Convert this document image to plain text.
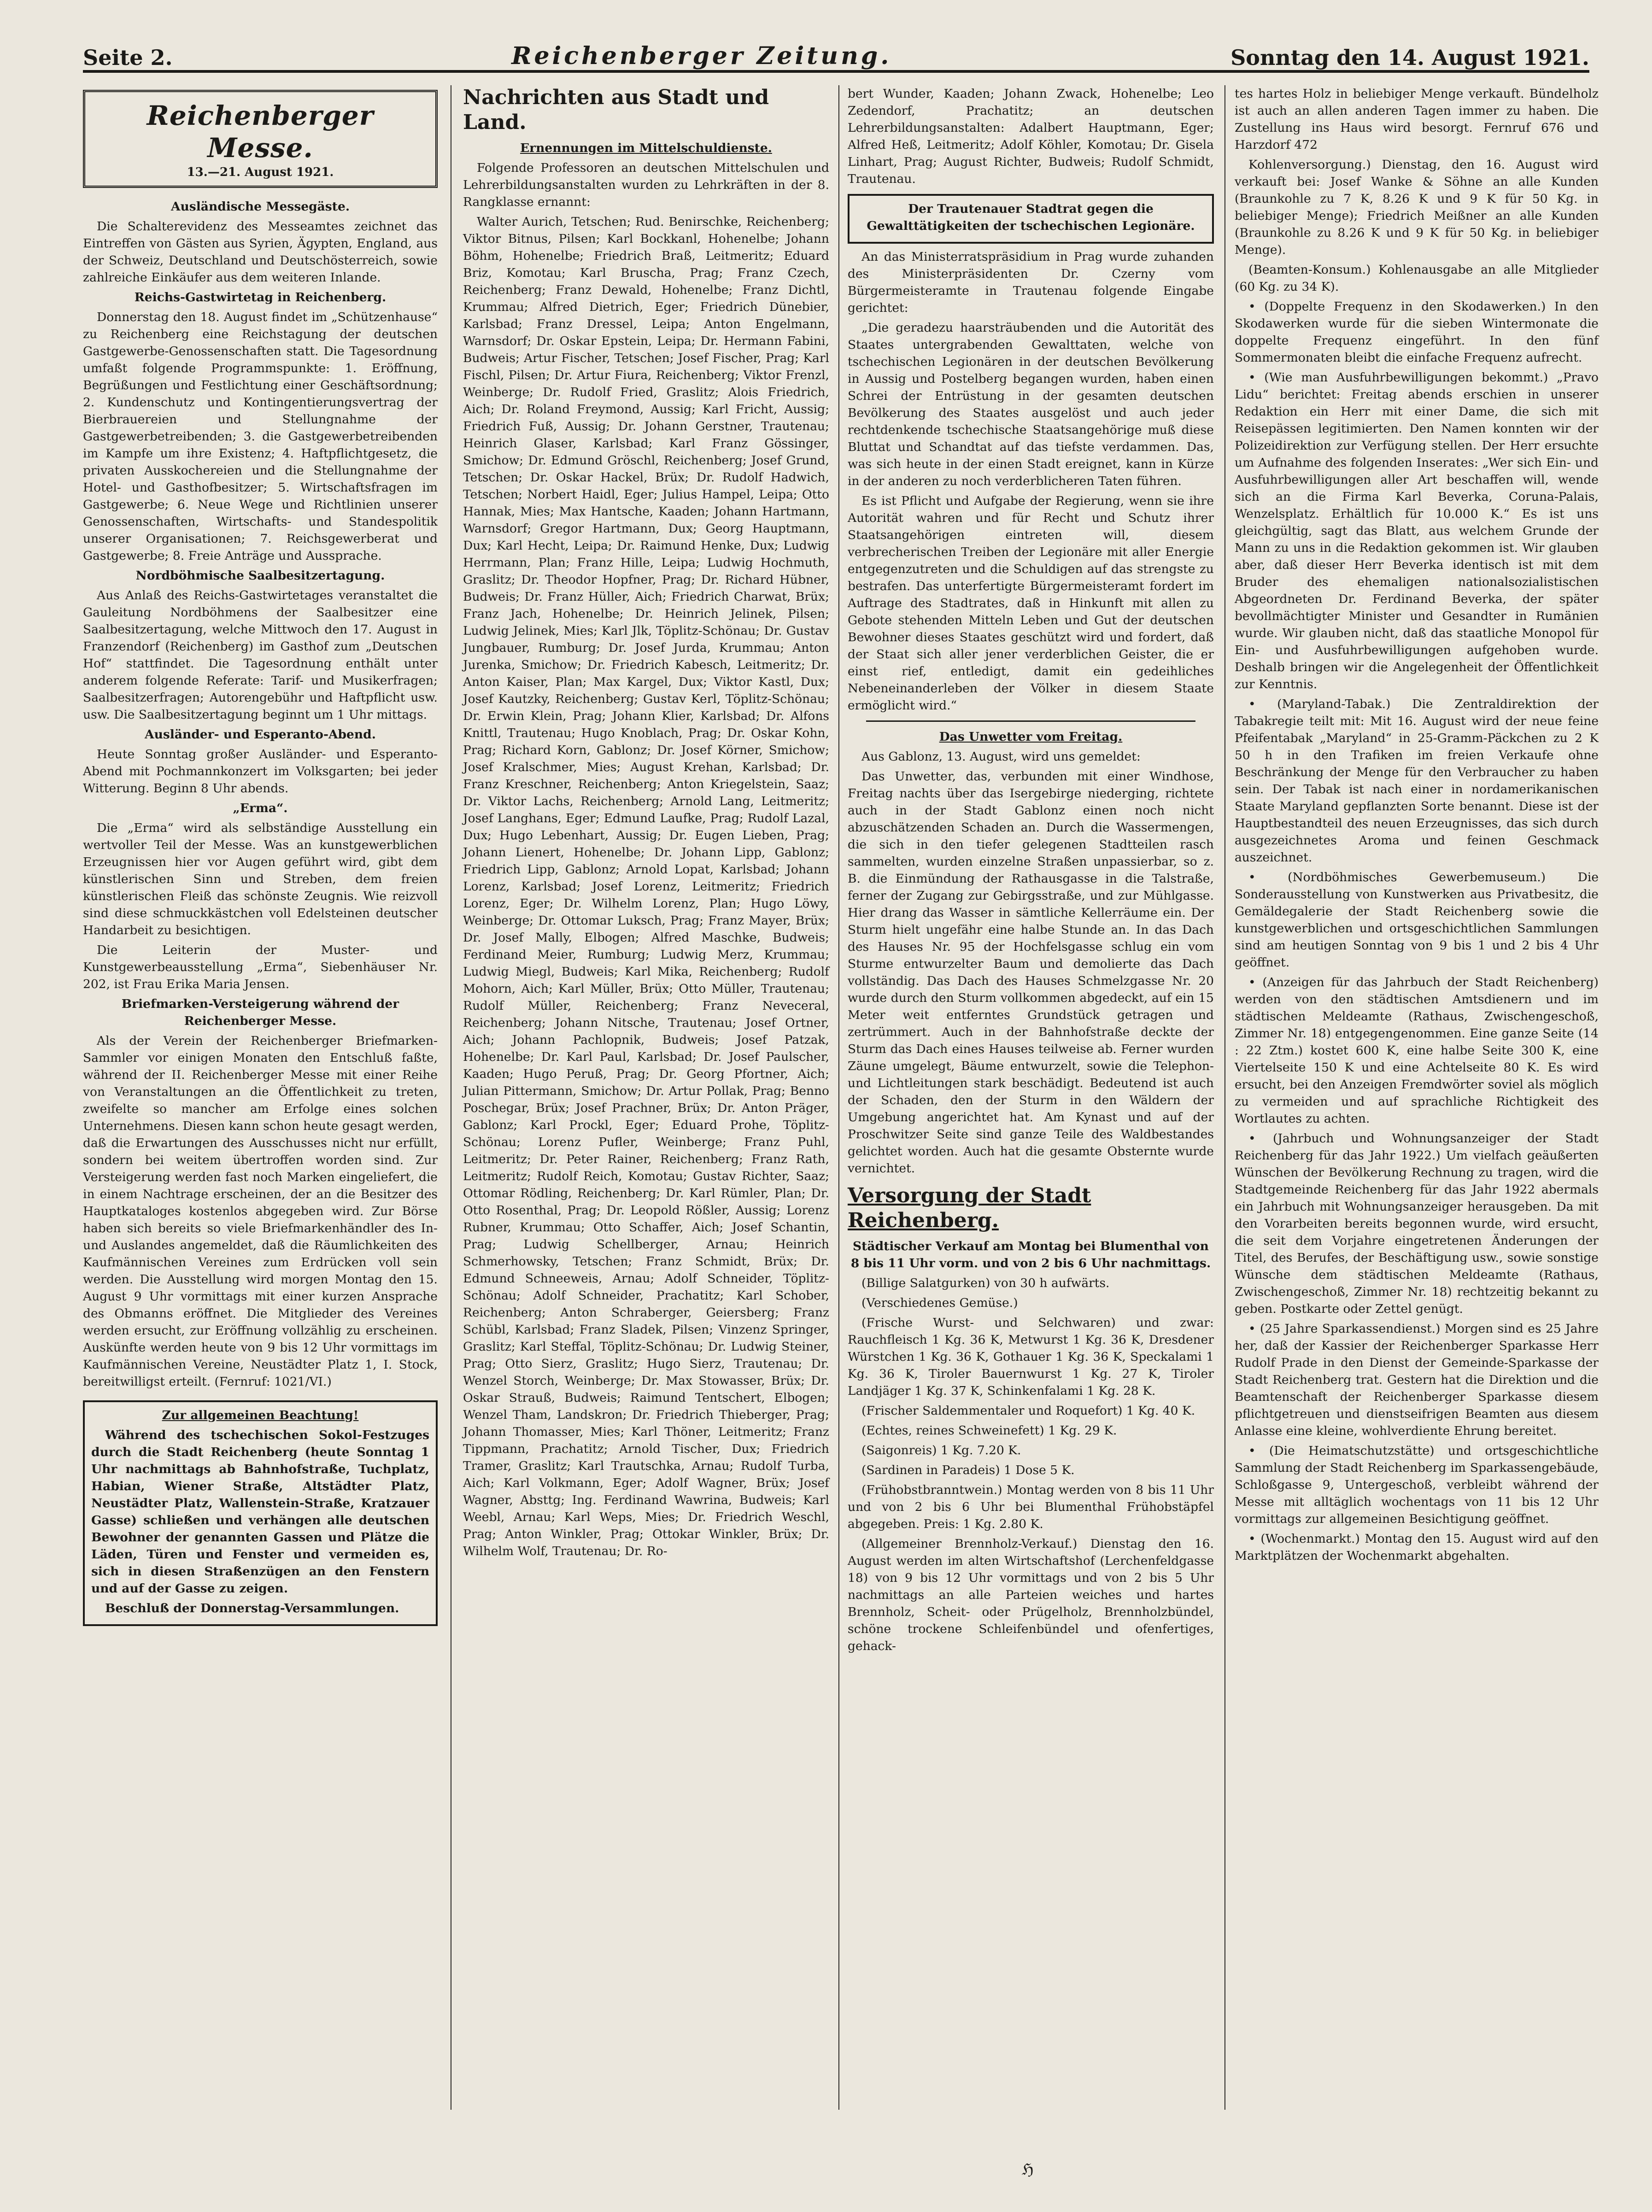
Seite 2.	Reichenberger Zeitung.	Sonntag den 14. August 1921.
Reichenberger Messe.
13.—21. August 1921.

Ausländische Messegäste.

Die Schalterevidenz des Messeamtes zeichnet das Eintreffen von Gästen aus Syrien, Ägypten, England, aus der Schweiz, Deutschland und Deutschösterreich, sowie zahlreiche Einkäufer aus dem weiteren Inlande.

Reichs-Gastwirtetag in Reichenberg.

Donnerstag den 18. August findet im „Schützenhause“ zu Reichenberg eine Reichstagung der deutschen Gastgewerbe-Genossenschaften statt. Die Tagesordnung umfaßt folgende Programmspunkte: 1. Eröffnung, Begrüßungen und Festlichtung einer Geschäftsordnung; 2. Kundenschutz und Kontingentierungsvertrag der Bierbrauereien und Stellungnahme der Gastgewerbetreibenden; 3. die Gastgewerbetreibenden im Kampfe um ihre Existenz; 4. Haftpflichtgesetz, die privaten Ausskochereien und die Stellungnahme der Hotel- und Gasthofbesitzer; 5. Wirtschaftsfragen im Gastgewerbe; 6. Neue Wege und Richtlinien unserer Genossenschaften, Wirtschafts- und Standespolitik unserer Organisationen; 7. Reichsgewerberat und Gastgewerbe; 8. Freie Anträge und Aussprache.

Nordböhmische Saalbesitzertagung.

Aus Anlaß des Reichs-Gastwirtetages veranstaltet die Gauleitung Nordböhmens der Saalbesitzer eine Saalbesitzertagung, welche Mittwoch den 17. August in Franzendorf (Reichenberg) im Gasthof zum „Deutschen Hof“ stattfindet. Die Tagesordnung enthält unter anderem folgende Referate: Tarif- und Musikerfragen; Saalbesitzerfragen; Autorengebühr und Haftpflicht usw. usw. Die Saalbesitzertagung beginnt um 1 Uhr mittags.

Ausländer- und Esperanto-Abend.

Heute Sonntag großer Ausländer- und Esperanto-Abend mit Pochmannkonzert im Volksgarten; bei jeder Witterung. Beginn 8 Uhr abends.

„Erma“.

Die „Erma“ wird als selbständige Ausstellung ein wertvoller Teil der Messe. Was an kunstgewerblichen Erzeugnissen hier vor Augen geführt wird, gibt dem künstlerischen Sinn und Streben, dem freien künstlerischen Fleiß das schönste Zeugnis. Wie reizvoll sind diese schmuckkästchen voll Edelsteinen deutscher Handarbeit zu besichtigen.

Die Leiterin der Muster- und Kunstgewerbeausstellung „Erma“, Siebenhäuser Nr. 202, ist Frau Erika Maria Jensen.

Briefmarken-Versteigerung während der Reichenberger Messe.

Als der Verein der Reichenberger Briefmarken-Sammler vor einigen Monaten den Entschluß faßte, während der II. Reichenberger Messe mit einer Reihe von Veranstaltungen an die Öffentlichkeit zu treten, zweifelte so mancher am Erfolge eines solchen Unternehmens. Diesen kann schon heute gesagt werden, daß die Erwartungen des Ausschusses nicht nur erfüllt, sondern bei weitem übertroffen worden sind. Zur Versteigerung werden fast noch Marken eingeliefert, die in einem Nachtrage erscheinen, der an die Besitzer des Hauptkataloges kostenlos abgegeben wird. Zur Börse haben sich bereits so viele Briefmarkenhändler des In- und Auslandes angemeldet, daß die Räumlichkeiten des Kaufmännischen Vereines zum Erdrücken voll sein werden. Die Ausstellung wird morgen Montag den 15. August 9 Uhr vormittags mit einer kurzen Ansprache des Obmanns eröffnet. Die Mitglieder des Vereines werden ersucht, zur Eröffnung vollzählig zu erscheinen. Auskünfte werden heute von 9 bis 12 Uhr vormittags im Kaufmännischen Vereine, Neustädter Platz 1, I. Stock, bereitwilligst erteilt. (Fernruf: 1021/VI.)

Zur allgemeinen Beachtung!

Während des tschechischen Sokol-Festzuges durch die Stadt Reichenberg (heute Sonntag 1 Uhr nachmittags ab Bahnhofstraße, Tuchplatz, Habian, Wiener Straße, Altstädter Platz, Neustädter Platz, Wallenstein-Straße, Kratzauer Gasse) schließen und verhängen alle deutschen Bewohner der genannten Gassen und Plätze die Läden, Türen und Fenster und vermeiden es, sich in diesen Straßenzügen an den Fenstern und auf der Gasse zu zeigen.

Beschluß der Donnerstag-Versammlungen.

Nachrichten aus Stadt und Land.

Ernennungen im Mittelschuldienste.

Folgende Professoren an deutschen Mittelschulen und Lehrerbildungsanstalten wurden zu Lehrkräften in der 8. Rangklasse ernannt:

Walter Aurich, Tetschen; Rud. Benirschke, Reichenberg; Viktor Bitnus, Pilsen; Karl Bockkanl, Hohenelbe; Johann Böhm, Hohenelbe; Friedrich Braß, Leitmeritz; Eduard Briz, Komotau; Karl Bruscha, Prag; Franz Czech, Reichenberg; Franz Dewald, Hohenelbe; Franz Dichtl, Krummau; Alfred Dietrich, Eger; Friedrich Dünebier, Karlsbad; Franz Dressel, Leipa; Anton Engelmann, Warnsdorf; Dr. Oskar Epstein, Leipa; Dr. Hermann Fabini, Budweis; Artur Fischer, Tetschen; Josef Fischer, Prag; Karl Fischl, Pilsen; Dr. Artur Fiura, Reichenberg; Viktor Frenzl, Weinberge; Dr. Rudolf Fried, Graslitz; Alois Friedrich, Aich; Dr. Roland Freymond, Aussig; Karl Fricht, Aussig; Friedrich Fuß, Aussig; Dr. Johann Gerstner, Trautenau; Heinrich Glaser, Karlsbad; Karl Franz Gössinger, Smichow; Dr. Edmund Gröschl, Reichenberg; Josef Grund, Tetschen; Dr. Oskar Hackel, Brüx; Dr. Rudolf Hadwich, Tetschen; Norbert Haidl, Eger; Julius Hampel, Leipa; Otto Hannak, Mies; Max Hantsche, Kaaden; Johann Hartmann, Warnsdorf; Gregor Hartmann, Dux; Georg Hauptmann, Dux; Karl Hecht, Leipa; Dr. Raimund Henke, Dux; Ludwig Herrmann, Plan; Franz Hille, Leipa; Ludwig Hochmuth, Graslitz; Dr. Theodor Hopfner, Prag; Dr. Richard Hübner, Budweis; Dr. Franz Hüller, Aich; Friedrich Charwat, Brüx; Franz Jach, Hohenelbe; Dr. Heinrich Jelinek, Pilsen; Ludwig Jelinek, Mies; Karl Jlk, Töplitz-Schönau; Dr. Gustav Jungbauer, Rumburg; Dr. Josef Jurda, Krummau; Anton Jurenka, Smichow; Dr. Friedrich Kabesch, Leitmeritz; Dr. Anton Kaiser, Plan; Max Kargel, Dux; Viktor Kastl, Dux; Josef Kautzky, Reichenberg; Gustav Kerl, Töplitz-Schönau; Dr. Erwin Klein, Prag; Johann Klier, Karlsbad; Dr. Alfons Knittl, Trautenau; Hugo Knoblach, Prag; Dr. Oskar Kohn, Prag; Richard Korn, Gablonz; Dr. Josef Körner, Smichow; Josef Kralschmer, Mies; August Krehan, Karlsbad; Dr. Franz Kreschner, Reichenberg; Anton Kriegelstein, Saaz; Dr. Viktor Lachs, Reichenberg; Arnold Lang, Leitmeritz; Josef Langhans, Eger; Edmund Laufke, Prag; Rudolf Lazal, Dux; Hugo Lebenhart, Aussig; Dr. Eugen Lieben, Prag; Johann Lienert, Hohenelbe; Dr. Johann Lipp, Gablonz; Friedrich Lipp, Gablonz; Arnold Lopat, Karlsbad; Johann Lorenz, Karlsbad; Josef Lorenz, Leitmeritz; Friedrich Lorenz, Eger; Dr. Wilhelm Lorenz, Plan; Hugo Löwy, Weinberge; Dr. Ottomar Luksch, Prag; Franz Mayer, Brüx; Dr. Josef Mally, Elbogen; Alfred Maschke, Budweis; Ferdinand Meier, Rumburg; Ludwig Merz, Krummau; Ludwig Miegl, Budweis; Karl Mika, Reichenberg; Rudolf Mohorn, Aich; Karl Müller, Brüx; Otto Müller, Trautenau; Rudolf Müller, Reichenberg; Franz Neveceral, Reichenberg; Johann Nitsche, Trautenau; Josef Ortner, Aich; Johann Pachlopnik, Budweis; Josef Patzak, Hohenelbe; Dr. Karl Paul, Karlsbad; Dr. Josef Paulscher, Kaaden; Hugo Peruß, Prag; Dr. Georg Pfortner, Aich; Julian Pittermann, Smichow; Dr. Artur Pollak, Prag; Benno Poschegar, Brüx; Josef Prachner, Brüx; Dr. Anton Präger, Gablonz; Karl Prockl, Eger; Eduard Prohe, Töplitz-Schönau; Lorenz Pufler, Weinberge; Franz Puhl, Leitmeritz; Dr. Peter Rainer, Reichenberg; Franz Rath, Leitmeritz; Rudolf Reich, Komotau; Gustav Richter, Saaz; Ottomar Rödling, Reichenberg; Dr. Karl Rümler, Plan; Dr. Otto Rosenthal, Prag; Dr. Leopold Rößler, Aussig; Lorenz Rubner, Krummau; Otto Schaffer, Aich; Josef Schantin, Prag; Ludwig Schellberger, Arnau; Heinrich Schmerhowsky, Tetschen; Franz Schmidt, Brüx; Dr. Edmund Schneeweis, Arnau; Adolf Schneider, Töplitz-Schönau; Adolf Schneider, Prachatitz; Karl Schober, Reichenberg; Anton Schraberger, Geiersberg; Franz Schübl, Karlsbad; Franz Sladek, Pilsen; Vinzenz Springer, Graslitz; Karl Steffal, Töplitz-Schönau; Dr. Ludwig Steiner, Prag; Otto Sierz, Graslitz; Hugo Sierz, Trautenau; Dr. Wenzel Storch, Weinberge; Dr. Max Stowasser, Brüx; Dr. Oskar Strauß, Budweis; Raimund Tentschert, Elbogen; Wenzel Tham, Landskron; Dr. Friedrich Thieberger, Prag; Johann Thomasser, Mies; Karl Thöner, Leitmeritz; Franz Tippmann, Prachatitz; Arnold Tischer, Dux; Friedrich Tramer, Graslitz; Karl Trautschka, Arnau; Rudolf Turba, Aich; Karl Volkmann, Eger; Adolf Wagner, Brüx; Josef Wagner, Absttg; Ing. Ferdinand Wawrina, Budweis; Karl Weebl, Arnau; Karl Weps, Mies; Dr. Friedrich Weschl, Prag; Anton Winkler, Prag; Ottokar Winkler, Brüx; Dr. Wilhelm Wolf, Trautenau; Dr. Ro-

bert Wunder, Kaaden; Johann Zwack, Hohenelbe; Leo Zedendorf, Prachatitz; an deutschen Lehrerbildungsanstalten: Adalbert Hauptmann, Eger; Alfred Heß, Leitmeritz; Adolf Köhler, Komotau; Dr. Gisela Linhart, Prag; August Richter, Budweis; Rudolf Schmidt, Trautenau.

Der Trautenauer Stadtrat gegen die Gewalttätigkeiten der tschechischen Legionäre.

An das Ministerratspräsidium in Prag wurde zuhanden des Ministerpräsidenten Dr. Czerny vom Bürgermeisteramte in Trautenau folgende Eingabe gerichtet:

„Die geradezu haarsträubenden und die Autorität des Staates untergrabenden Gewalttaten, welche von tschechischen Legionären in der deutschen Bevölkerung in Aussig und Postelberg begangen wurden, haben einen Schrei der Entrüstung in der gesamten deutschen Bevölkerung des Staates ausgelöst und auch jeder rechtdenkende tschechische Staatsangehörige muß diese Bluttat und Schandtat auf das tiefste verdammen. Das, was sich heute in der einen Stadt ereignet, kann in Kürze in der anderen zu noch verderblicheren Taten führen.

Es ist Pflicht und Aufgabe der Regierung, wenn sie ihre Autorität wahren und für Recht und Schutz ihrer Staatsangehörigen eintreten will, diesem verbrecherischen Treiben der Legionäre mit aller Energie entgegenzutreten und die Schuldigen auf das strengste zu bestrafen. Das unterfertigte Bürgermeisteramt fordert im Auftrage des Stadtrates, daß in Hinkunft mit allen zu Gebote stehenden Mitteln Leben und Gut der deutschen Bewohner dieses Staates geschützt wird und fordert, daß der Staat sich aller jener verderblichen Geister, die er einst rief, entledigt, damit ein gedeihliches Nebeneinanderleben der Völker in diesem Staate ermöglicht wird.“

Das Unwetter vom Freitag.

Aus Gablonz, 13. August, wird uns gemeldet:

Das Unwetter, das, verbunden mit einer Windhose, Freitag nachts über das Isergebirge niederging, richtete auch in der Stadt Gablonz einen noch nicht abzuschätzenden Schaden an. Durch die Wassermengen, die sich in den tiefer gelegenen Stadtteilen rasch sammelten, wurden einzelne Straßen unpassierbar, so z. B. die Einmündung der Rathausgasse in die Talstraße, ferner der Zugang zur Gebirgsstraße, und zur Mühlgasse. Hier drang das Wasser in sämtliche Kellerräume ein. Der Sturm hielt ungefähr eine halbe Stunde an. In das Dach des Hauses Nr. 95 der Hochfelsgasse schlug ein vom Sturme entwurzelter Baum und demolierte das Dach vollständig. Das Dach des Hauses Schmelzgasse Nr. 20 wurde durch den Sturm vollkommen abgedeckt, auf ein 15 Meter weit entferntes Grundstück getragen und zertrümmert. Auch in der Bahnhofstraße deckte der Sturm das Dach eines Hauses teilweise ab. Ferner wurden Zäune umgelegt, Bäume entwurzelt, sowie die Telephon- und Lichtleitungen stark beschädigt. Bedeutend ist auch der Schaden, den der Sturm in den Wäldern der Umgebung angerichtet hat. Am Kynast und auf der Proschwitzer Seite sind ganze Teile des Waldbestandes gelichtet worden. Auch hat die gesamte Obsternte wurde vernichtet.

Versorgung der Stadt Reichenberg.

Städtischer Verkauf am Montag bei Blumenthal von 8 bis 11 Uhr vorm. und von 2 bis 6 Uhr nachmittags.

(Billige Salatgurken) von 30 h aufwärts.

(Verschiedenes Gemüse.)

(Frische Wurst- und Selchwaren) und zwar: Rauchfleisch 1 Kg. 36 K, Metwurst 1 Kg. 36 K, Dresdener Würstchen 1 Kg. 36 K, Gothauer 1 Kg. 36 K, Speckalami 1 Kg. 36 K, Tiroler Bauernwurst 1 Kg. 27 K, Tiroler Landjäger 1 Kg. 37 K, Schinkenfalami 1 Kg. 28 K.

(Frischer Saldemmentaler und Roquefort) 1 Kg. 40 K.

(Echtes, reines Schweinefett) 1 Kg. 29 K.

(Saigonreis) 1 Kg. 7.20 K.

(Sardinen in Paradeis) 1 Dose 5 K.

(Frühobstbranntwein.) Montag werden von 8 bis 11 Uhr und von 2 bis 6 Uhr bei Blumenthal Frühobstäpfel abgegeben. Preis: 1 Kg. 2.80 K.

(Allgemeiner Brennholz-Verkauf.) Dienstag den 16. August werden im alten Wirtschaftshof (Lerchenfeldgasse 18) von 9 bis 12 Uhr vormittags und von 2 bis 5 Uhr nachmittags an alle Parteien weiches und hartes Brennholz, Scheit- oder Prügelholz, Brennholzbündel, schöne trockene Schleifenbündel und ofenfertiges, gehack-

tes hartes Holz in beliebiger Menge verkauft. Bündelholz ist auch an allen anderen Tagen immer zu haben. Die Zustellung ins Haus wird besorgt. Fernruf 676 und Harzdorf 472

Kohlenversorgung.) Dienstag, den 16. August wird verkauft bei: Josef Wanke & Söhne an alle Kunden (Braunkohle zu 7 K, 8.26 K und 9 K für 50 Kg. in beliebiger Menge); Friedrich Meißner an alle Kunden (Braunkohle zu 8.26 K und 9 K für 50 Kg. in beliebiger Menge).

(Beamten-Konsum.) Kohlenausgabe an alle Mitglieder (60 Kg. zu 34 K).

• (Doppelte Frequenz in den Skodawerken.) In den Skodawerken wurde für die sieben Wintermonate die doppelte Frequenz eingeführt. In den fünf Sommermonaten bleibt die einfache Frequenz aufrecht.

• (Wie man Ausfuhrbewilligungen bekommt.) „Pravo Lidu“ berichtet: Freitag abends erschien in unserer Redaktion ein Herr mit einer Dame, die sich mit Reisepässen legitimierten. Den Namen konnten wir der Polizeidirektion zur Verfügung stellen. Der Herr ersuchte um Aufnahme des folgenden Inserates: „Wer sich Ein- und Ausfuhrbewilligungen aller Art beschaffen will, wende sich an die Firma Karl Beverka, Coruna-Palais, Wenzelsplatz. Erhältlich für 10.000 K.“ Es ist uns gleichgültig, sagt das Blatt, aus welchem Grunde der Mann zu uns in die Redaktion gekommen ist. Wir glauben aber, daß dieser Herr Beverka identisch ist mit dem Bruder des ehemaligen nationalsozialistischen Abgeordneten Dr. Ferdinand Beverka, der später bevollmächtigter Minister und Gesandter in Rumänien wurde. Wir glauben nicht, daß das staatliche Monopol für Ein- und Ausfuhrbewilligungen aufgehoben wurde. Deshalb bringen wir die Angelegenheit der Öffentlichkeit zur Kenntnis.

• (Maryland-Tabak.) Die Zentraldirektion der Tabakregie teilt mit: Mit 16. August wird der neue feine Pfeifentabak „Maryland“ in 25-Gramm-Päckchen zu 2 K 50 h in den Trafiken im freien Verkaufe ohne Beschränkung der Menge für den Verbraucher zu haben sein. Der Tabak ist nach einer in nordamerikanischen Staate Maryland gepflanzten Sorte benannt. Diese ist der Hauptbestandteil des neuen Erzeugnisses, das sich durch ausgezeichnetes Aroma und feinen Geschmack auszeichnet.

• (Nordböhmisches Gewerbemuseum.) Die Sonderausstellung von Kunstwerken aus Privatbesitz, die Gemäldegalerie der Stadt Reichenberg sowie die kunstgewerblichen und ortsgeschichtlichen Sammlungen sind am heutigen Sonntag von 9 bis 1 und 2 bis 4 Uhr geöffnet.

• (Anzeigen für das Jahrbuch der Stadt Reichenberg) werden von den städtischen Amtsdienern und im städtischen Meldeamte (Rathaus, Zwischengeschoß, Zimmer Nr. 18) entgegengenommen. Eine ganze Seite (14 : 22 Ztm.) kostet 600 K, eine halbe Seite 300 K, eine Viertelseite 150 K und eine Achtelseite 80 K. Es wird ersucht, bei den Anzeigen Fremdwörter soviel als möglich zu vermeiden und auf sprachliche Richtigkeit des Wortlautes zu achten.

• (Jahrbuch und Wohnungsanzeiger der Stadt Reichenberg für das Jahr 1922.) Um vielfach geäußerten Wünschen der Bevölkerung Rechnung zu tragen, wird die Stadtgemeinde Reichenberg für das Jahr 1922 abermals ein Jahrbuch mit Wohnungsanzeiger herausgeben. Da mit den Vorarbeiten bereits begonnen wurde, wird ersucht, die seit dem Vorjahre eingetretenen Änderungen der Titel, des Berufes, der Beschäftigung usw., sowie sonstige Wünsche dem städtischen Meldeamte (Rathaus, Zwischengeschoß, Zimmer Nr. 18) rechtzeitig bekannt zu geben. Postkarte oder Zettel genügt.

• (25 Jahre Sparkassendienst.) Morgen sind es 25 Jahre her, daß der Kassier der Reichenberger Sparkasse Herr Rudolf Prade in den Dienst der Gemeinde-Sparkasse der Stadt Reichenberg trat. Gestern hat die Direktion und die Beamtenschaft der Reichenberger Sparkasse diesem pflichtgetreuen und dienstseifrigen Beamten aus diesem Anlasse eine kleine, wohlverdiente Ehrung bereitet.

• (Die Heimatschutzstätte) und ortsgeschichtliche Sammlung der Stadt Reichenberg im Sparkassengebäude, Schloßgasse 9, Untergeschoß, verbleibt während der Messe mit alltäglich wochentags von 11 bis 12 Uhr vormittags zur allgemeinen Besichtigung geöffnet.

• (Wochenmarkt.) Montag den 15. August wird auf den Marktplätzen der Wochenmarkt abgehalten.

ℌ
